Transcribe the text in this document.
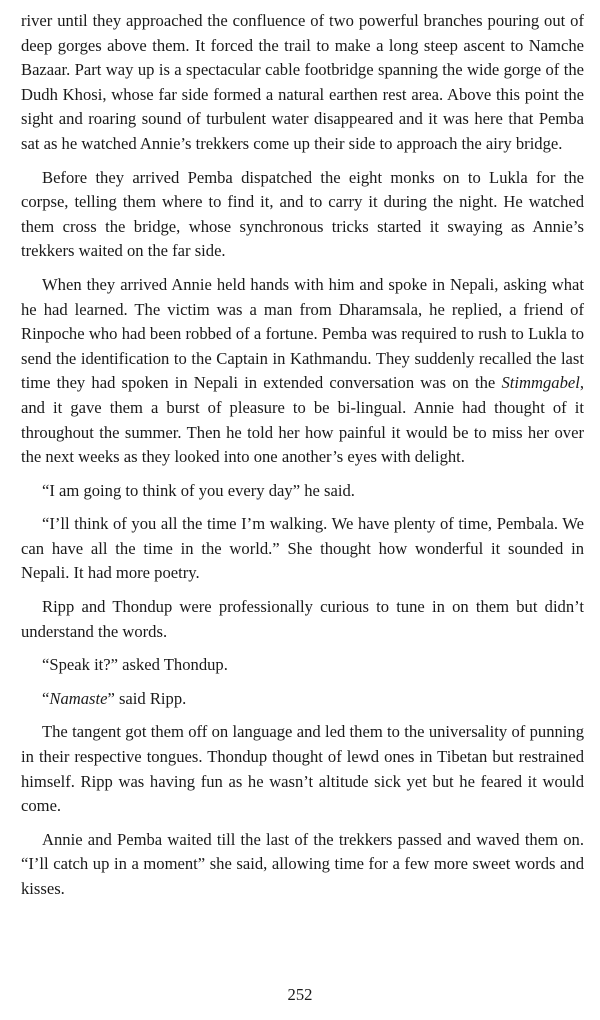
river until they approached the confluence of two powerful branches pouring out of deep gorges above them. It forced the trail to make a long steep ascent to Namche Bazaar. Part way up is a spectacular cable footbridge spanning the wide gorge of the Dudh Khosi, whose far side formed a natural earthen rest area. Above this point the sight and roaring sound of turbulent water disappeared and it was here that Pemba sat as he watched Annie’s trekkers come up their side to approach the airy bridge.

Before they arrived Pemba dispatched the eight monks on to Lukla for the corpse, telling them where to find it, and to carry it during the night. He watched them cross the bridge, whose synchronous tricks started it swaying as Annie’s trekkers waited on the far side.

When they arrived Annie held hands with him and spoke in Nepali, asking what he had learned. The victim was a man from Dharamsala, he replied, a friend of Rinpoche who had been robbed of a fortune. Pemba was required to rush to Lukla to send the identification to the Captain in Kathmandu. They suddenly recalled the last time they had spoken in Nepali in extended conversation was on the Stimmgabel, and it gave them a burst of pleasure to be bi-lingual. Annie had thought of it throughout the summer. Then he told her how painful it would be to miss her over the next weeks as they looked into one another’s eyes with delight.

“I am going to think of you every day” he said.

“I’ll think of you all the time I’m walking. We have plenty of time, Pembala. We can have all the time in the world.” She thought how wonderful it sounded in Nepali. It had more poetry.

Ripp and Thondup were professionally curious to tune in on them but didn’t understand the words.

“Speak it?” asked Thondup.

“Namaste” said Ripp.

The tangent got them off on language and led them to the universality of punning in their respective tongues. Thondup thought of lewd ones in Tibetan but restrained himself. Ripp was having fun as he wasn’t altitude sick yet but he feared it would come.

Annie and Pemba waited till the last of the trekkers passed and waved them on. “I’ll catch up in a moment” she said, allowing time for a few more sweet words and kisses.

252
